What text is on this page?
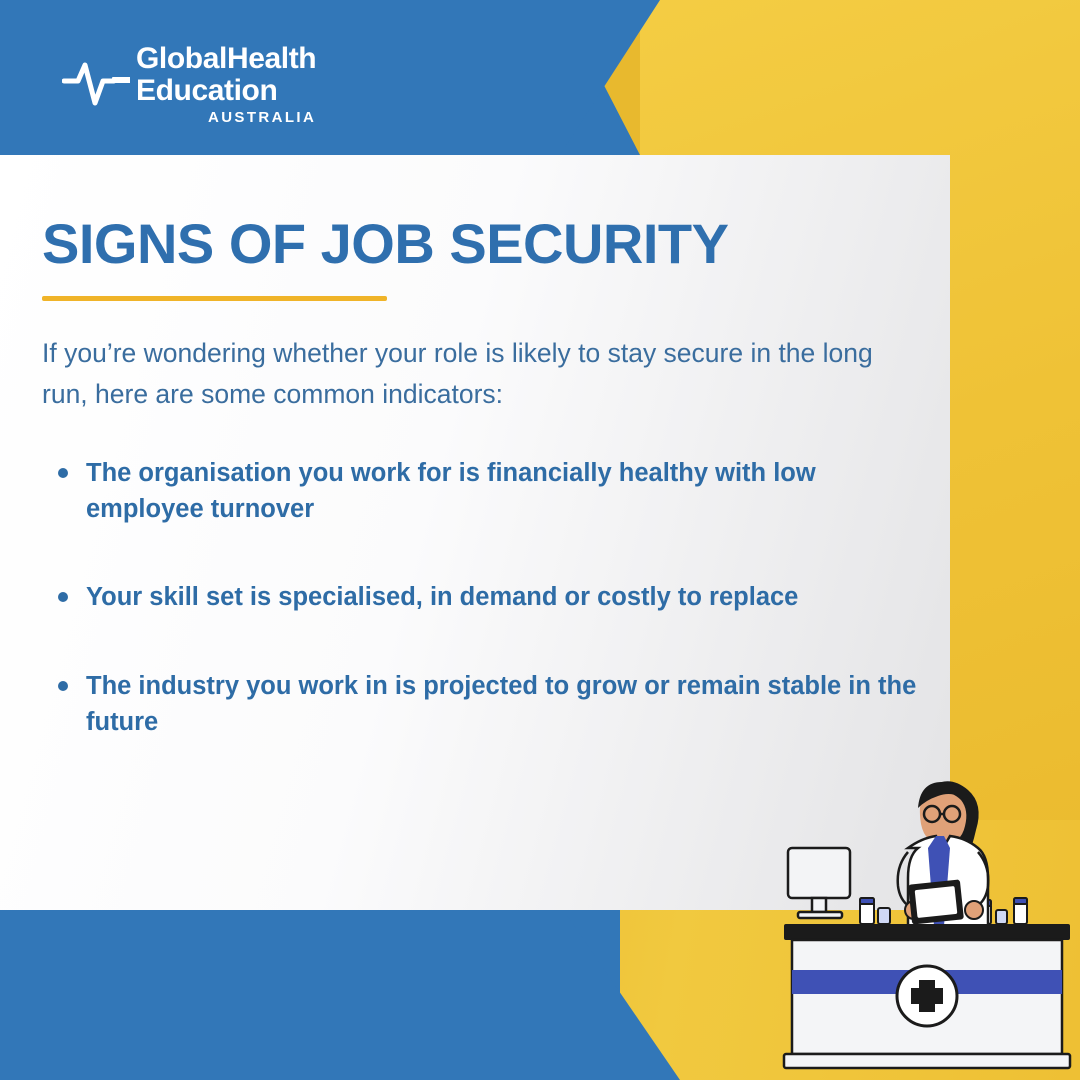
GlobalHealth
Education
AUSTRALIA
SIGNS OF JOB SECURITY

If you’re wondering whether your role is likely to stay secure in the long run, here are some common indicators:

The organisation you work for is financially healthy with low employee turnover
Your skill set is specialised, in demand or costly to replace
The industry you work in is projected to grow or remain stable in the future
